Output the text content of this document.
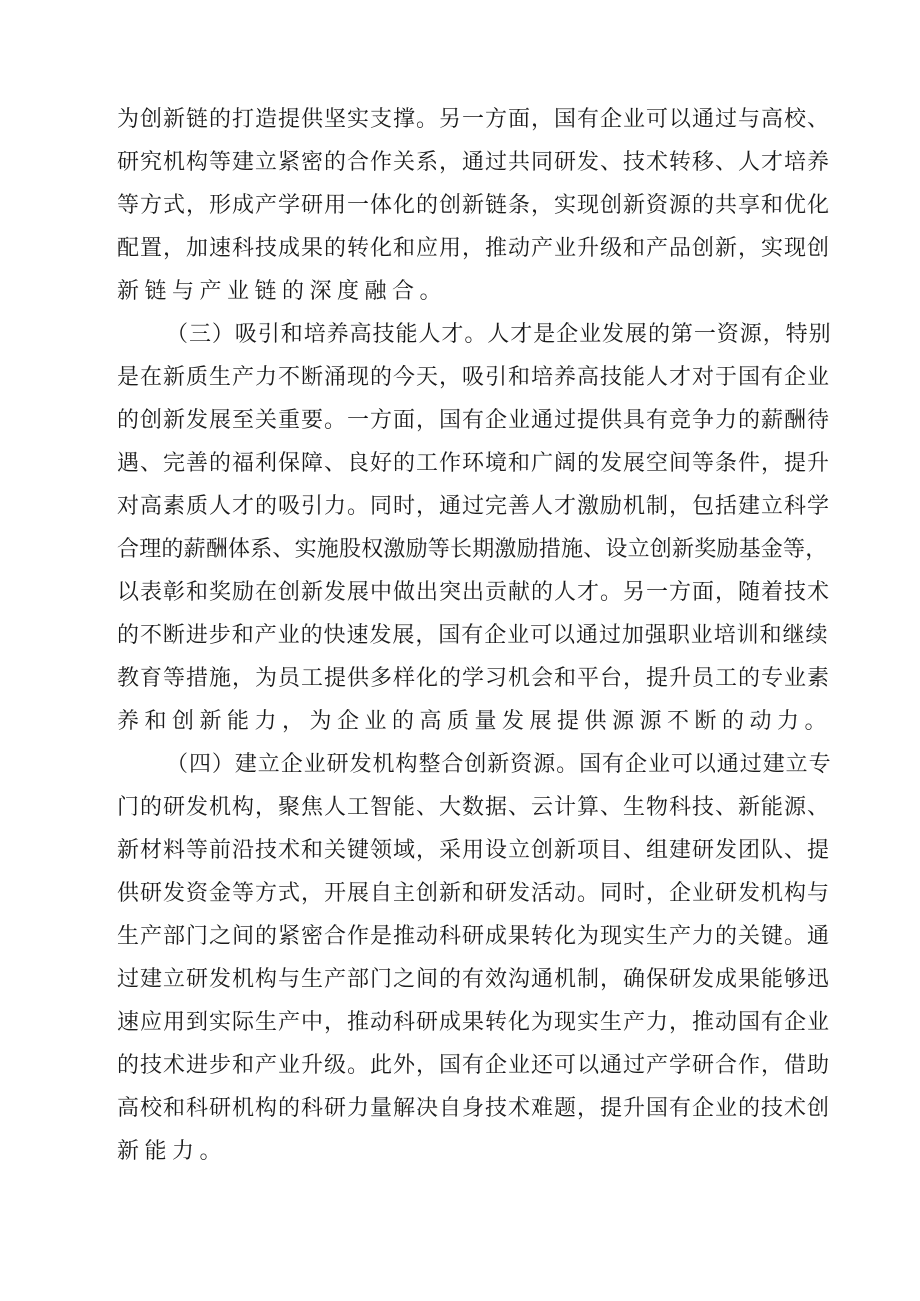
为创新链的打造提供坚实支撑。另一方面，国有企业可以通过与高校、
研究机构等建立紧密的合作关系，通过共同研发、技术转移、人才培养
等方式，形成产学研用一体化的创新链条，实现创新资源的共享和优化
配置，加速科技成果的转化和应用，推动产业升级和产品创新，实现创
新链与产业链的深度融合。
（三）吸引和培养高技能人才。人才是企业发展的第一资源，特别
是在新质生产力不断涌现的今天，吸引和培养高技能人才对于国有企业
的创新发展至关重要。一方面，国有企业通过提供具有竞争力的薪酬待
遇、完善的福利保障、良好的工作环境和广阔的发展空间等条件，提升
对高素质人才的吸引力。同时，通过完善人才激励机制，包括建立科学
合理的薪酬体系、实施股权激励等长期激励措施、设立创新奖励基金等，
以表彰和奖励在创新发展中做出突出贡献的人才。另一方面，随着技术
的不断进步和产业的快速发展，国有企业可以通过加强职业培训和继续
教育等措施，为员工提供多样化的学习机会和平台，提升员工的专业素
养和创新能力，为企业的高质量发展提供源源不断的动力。
（四）建立企业研发机构整合创新资源。国有企业可以通过建立专
门的研发机构，聚焦人工智能、大数据、云计算、生物科技、新能源、
新材料等前沿技术和关键领域，采用设立创新项目、组建研发团队、提
供研发资金等方式，开展自主创新和研发活动。同时，企业研发机构与
生产部门之间的紧密合作是推动科研成果转化为现实生产力的关键。通
过建立研发机构与生产部门之间的有效沟通机制，确保研发成果能够迅
速应用到实际生产中，推动科研成果转化为现实生产力，推动国有企业
的技术进步和产业升级。此外，国有企业还可以通过产学研合作，借助
高校和科研机构的科研力量解决自身技术难题，提升国有企业的技术创
新能力。
